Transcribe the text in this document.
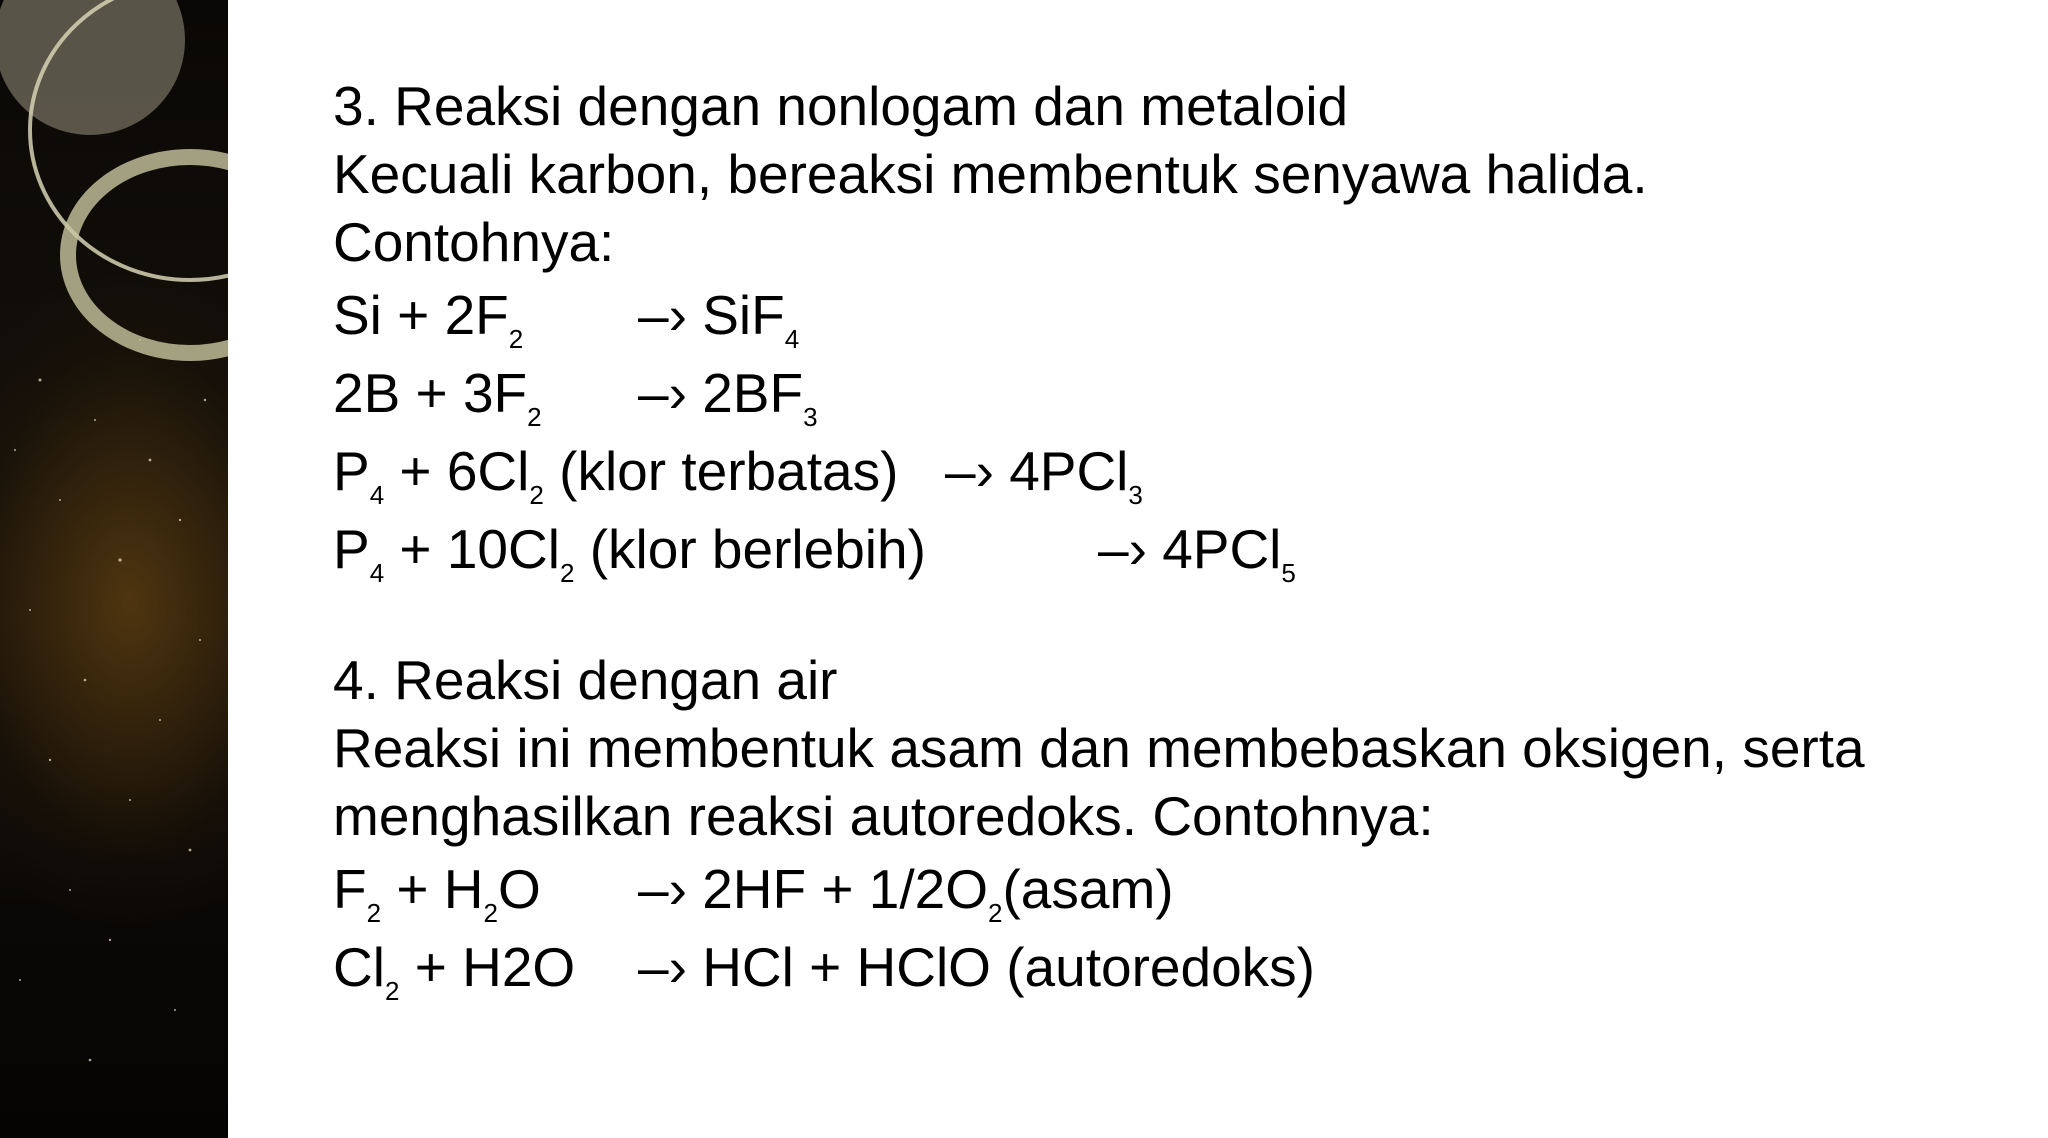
3. Reaksi dengan nonlogam dan metaloid
Kecuali karbon, bereaksi membentuk senyawa halida.
Contohnya:
$Si + 2F_2$ –› SiF$_4$
$2B + 3F_2$ –› $2BF_3$
$P_4 + 6Cl_2$ (klor terbatas) –› 4PCl$_3$
$P_4 + 10Cl_2$ (klor berlebih)	–› 4PCl$_5$
4. Reaksi dengan air
Reaksi ini membentuk asam dan membebaskan oksigen, serta
menghasilkan reaksi autoredoks. Contohnya:
$F_2 + H_2O$ –› $2HF + 1/2O_2(asam)$
$Cl_2 + H2O$ –› HCl + HClO (autoredoks)
